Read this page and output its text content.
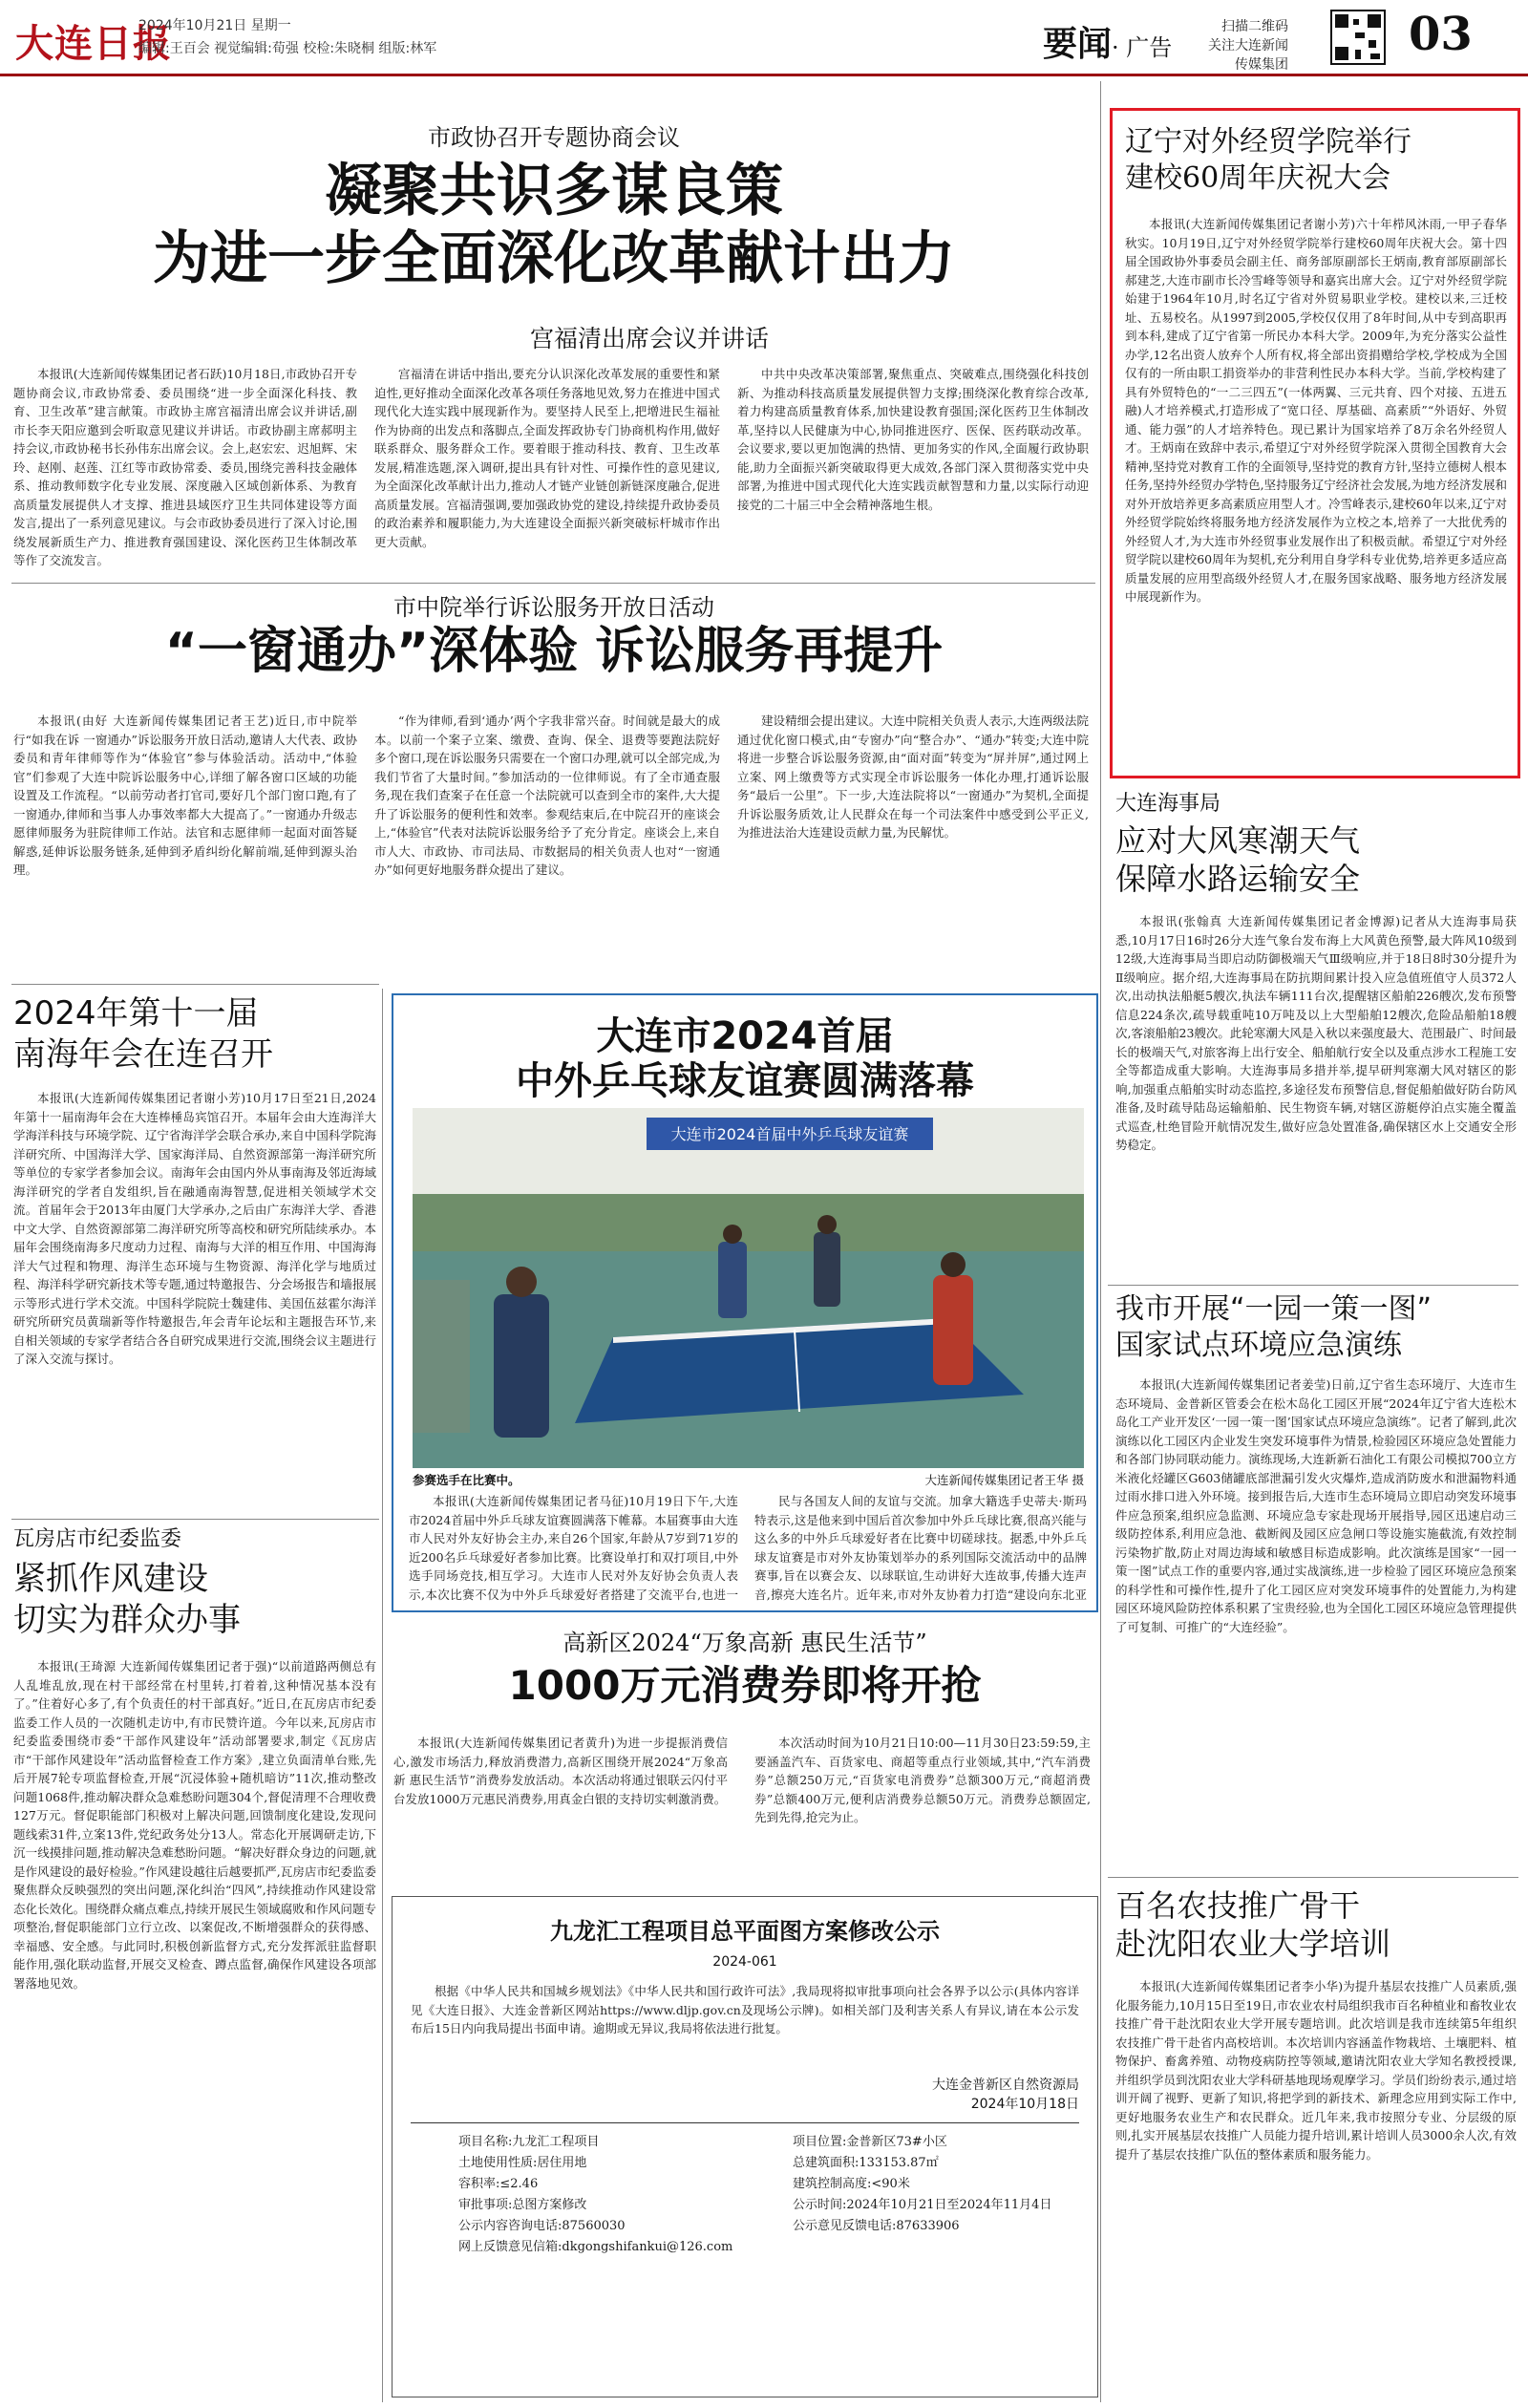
大连日报
2024年10月21日 星期一
编辑:王百会 视觉编辑:荀强 校检:朱晓桐 组版:林军	要闻· 广告
扫描二维码
关注大连新闻
传媒集团
03
市政协召开专题协商会议
凝聚共识多谋良策
为进一步全面深化改革献计出力
宫福清出席会议并讲话

本报讯(大连新闻传媒集团记者石跃)10月18日,市政协召开专题协商会议,市政协常委、委员围绕“进一步全面深化科技、教育、卫生改革”建言献策。市政协主席宫福清出席会议并讲话,副市长李天阳应邀到会听取意见建议并讲话。市政协副主席郝明主持会议,市政协秘书长孙伟东出席会议。会上,赵宏宏、迟旭辉、宋玲、赵刚、赵莲、江红等市政协常委、委员,围绕完善科技金融体系、推动教师数字化专业发展、深度融入区域创新体系、为教育高质量发展提供人才支撑、推进县域医疗卫生共同体建设等方面发言,提出了一系列意见建议。与会市政协委员进行了深入讨论,围绕发展新质生产力、推进教育强国建设、深化医药卫生体制改革等作了交流发言。

宫福清在讲话中指出,要充分认识深化改革发展的重要性和紧迫性,更好推动全面深化改革各项任务落地见效,努力在推进中国式现代化大连实践中展现新作为。要坚持人民至上,把增进民生福祉作为协商的出发点和落脚点,全面发挥政协专门协商机构作用,做好联系群众、服务群众工作。要着眼于推动科技、教育、卫生改革发展,精准选题,深入调研,提出具有针对性、可操作性的意见建议,为全面深化改革献计出力,推动人才链产业链创新链深度融合,促进高质量发展。宫福清强调,要加强政协党的建设,持续提升政协委员的政治素养和履职能力,为大连建设全面振兴新突破标杆城市作出更大贡献。

中共中央改革决策部署,聚焦重点、突破难点,围绕强化科技创新、为推动科技高质量发展提供智力支撑;围绕深化教育综合改革,着力构建高质量教育体系,加快建设教育强国;深化医药卫生体制改革,坚持以人民健康为中心,协同推进医疗、医保、医药联动改革。会议要求,要以更加饱满的热情、更加务实的作风,全面履行政协职能,助力全面振兴新突破取得更大成效,各部门深入贯彻落实党中央部署,为推进中国式现代化大连实践贡献智慧和力量,以实际行动迎接党的二十届三中全会精神落地生根。

市中院举行诉讼服务开放日活动
“一窗通办”深体验 诉讼服务再提升

本报讯(由好 大连新闻传媒集团记者王艺)近日,市中院举行“如我在诉 一窗通办”诉讼服务开放日活动,邀请人大代表、政协委员和青年律师等作为“体验官”参与体验活动。活动中,“体验官”们参观了大连中院诉讼服务中心,详细了解各窗口区域的功能设置及工作流程。“以前劳动者打官司,要好几个部门窗口跑,有了一窗通办,律师和当事人办事效率都大大提高了。”一窗通办升级志愿律师服务为驻院律师工作站。法官和志愿律师一起面对面答疑解惑,延伸诉讼服务链条,延伸到矛盾纠纷化解前端,延伸到源头治理。

“作为律师,看到‘通办’两个字我非常兴奋。时间就是最大的成本。以前一个案子立案、缴费、查询、保全、退费等要跑法院好多个窗口,现在诉讼服务只需要在一个窗口办理,就可以全部完成,为我们节省了大量时间。”参加活动的一位律师说。有了全市通查服务,现在我们查案子在任意一个法院就可以查到全市的案件,大大提升了诉讼服务的便利性和效率。参观结束后,在中院召开的座谈会上,“体验官”代表对法院诉讼服务给予了充分肯定。座谈会上,来自市人大、市政协、市司法局、市数据局的相关负责人也对“一窗通办”如何更好地服务群众提出了建议。

建设精细会提出建议。大连中院相关负责人表示,大连两级法院通过优化窗口模式,由“专窗办”向“整合办”、“通办”转变;大连中院将进一步整合诉讼服务资源,由“面对面”转变为“屏并屏”,通过网上立案、网上缴费等方式实现全市诉讼服务一体化办理,打通诉讼服务“最后一公里”。下一步,大连法院将以“一窗通办”为契机,全面提升诉讼服务质效,让人民群众在每一个司法案件中感受到公平正义,为推进法治大连建设贡献力量,为民解忧。

2024年第十一届
南海年会在连召开

本报讯(大连新闻传媒集团记者谢小芳)10月17日至21日,2024年第十一届南海年会在大连棒棰岛宾馆召开。本届年会由大连海洋大学海洋科技与环境学院、辽宁省海洋学会联合承办,来自中国科学院海洋研究所、中国海洋大学、国家海洋局、自然资源部第一海洋研究所等单位的专家学者参加会议。南海年会由国内外从事南海及邻近海域海洋研究的学者自发组织,旨在融通南海智慧,促进相关领域学术交流。首届年会于2013年由厦门大学承办,之后由广东海洋大学、香港中文大学、自然资源部第二海洋研究所等高校和研究所陆续承办。本届年会围绕南海多尺度动力过程、南海与大洋的相互作用、中国海海洋大气过程和物理、海洋生态环境与生物资源、海洋化学与地质过程、海洋科学研究新技术等专题,通过特邀报告、分会场报告和墙报展示等形式进行学术交流。中国科学院院士魏建伟、美国伍兹霍尔海洋研究所研究员黄瑞新等作特邀报告,年会青年论坛和主题报告环节,来自相关领域的专家学者结合各自研究成果进行交流,围绕会议主题进行了深入交流与探讨。

瓦房店市纪委监委
紧抓作风建设
切实为群众办事

本报讯(王琦源 大连新闻传媒集团记者于强)“以前道路两侧总有人乱堆乱放,现在村干部经常在村里转,打着着,这种情况基本没有了。”住着好心多了,有个负责任的村干部真好。”近日,在瓦房店市纪委监委工作人员的一次随机走访中,有市民赞许道。今年以来,瓦房店市纪委监委围绕市委“干部作风建设年”活动部署要求,制定《瓦房店市“干部作风建设年”活动监督检查工作方案》,建立负面清单台账,先后开展7轮专项监督检查,开展“沉浸体验+随机暗访”11次,推动整改问题1068件,推动解决群众急难愁盼问题304个,督促清理不合理收费127万元。督促职能部门积极对上解决问题,回馈制度化建设,发现问题线索31件,立案13件,党纪政务处分13人。常态化开展调研走访,下沉一线摸排问题,推动解决急难愁盼问题。“解决好群众身边的问题,就是作风建设的最好检验。”作风建设越往后越要抓严,瓦房店市纪委监委聚焦群众反映强烈的突出问题,深化纠治“四风”,持续推动作风建设常态化长效化。围绕群众痛点难点,持续开展民生领域腐败和作风问题专项整治,督促职能部门立行立改、以案促改,不断增强群众的获得感、幸福感、安全感。与此同时,积极创新监督方式,充分发挥派驻监督职能作用,强化联动监督,开展交叉检查、蹲点监督,确保作风建设各项部署落地见效。

大连市2024首届
中外乒乓球友谊赛圆满落幕
大连市2024首届中外乒乓球友谊赛
参赛选手在比赛中。	大连新闻传媒集团记者王华 摄

本报讯(大连新闻传媒集团记者马征)10月19日下午,大连市2024首届中外乒乓球友谊赛圆满落下帷幕。本届赛事由大连市人民对外友好协会主办,来自26个国家,年龄从7岁到71岁的近200名乒乓球爱好者参加比赛。比赛设单打和双打项目,中外选手同场竞技,相互学习。大连市人民对外友好协会负责人表示,本次比赛不仅为中外乒乓球爱好者搭建了交流平台,也进一

民与各国友人间的友谊与交流。加拿大籍选手史蒂夫·斯玛特表示,这是他来到中国后首次参加中外乒乓球比赛,很高兴能与这么多的中外乒乓球爱好者在比赛中切磋球技。据悉,中外乒乓球友谊赛是市对外友协策划举办的系列国际交流活动中的品牌赛事,旨在以赛会友、以球联谊,生动讲好大连故事,传播大连声音,擦亮大连名片。近年来,市对外友协着力打造“建设向东北亚

高新区2024“万象高新 惠民生活节”
1000万元消费券即将开抢

本报讯(大连新闻传媒集团记者黄升)为进一步提振消费信心,激发市场活力,释放消费潜力,高新区围绕开展2024“万象高新 惠民生活节”消费券发放活动。本次活动将通过银联云闪付平台发放1000万元惠民消费券,用真金白银的支持切实刺激消费。

本次活动时间为10月21日10:00—11月30日23:59:59,主要涵盖汽车、百货家电、商超等重点行业领域,其中,“汽车消费券”总额250万元,“百货家电消费券”总额300万元,“商超消费券”总额400万元,便利店消费券总额50万元。消费券总额固定,先到先得,抢完为止。

九龙汇工程项目总平面图方案修改公示
2024-061

根据《中华人民共和国城乡规划法》《中华人民共和国行政许可法》,我局现将拟审批事项向社会各界予以公示(具体内容详见《大连日报》、大连金普新区网站https://www.dljp.gov.cn及现场公示牌)。如相关部门及利害关系人有异议,请在本公示发布后15日内向我局提出书面申请。逾期或无异议,我局将依法进行批复。

大连金普新区自然资源局
2024年10月18日
项目名称:九龙汇工程项目
土地使用性质:居住用地
容积率:≤2.46
审批事项:总图方案修改
公示内容咨询电话:87560030
网上反馈意见信箱:dkgongshifankui@126.com
项目位置:金普新区73#小区
总建筑面积:133153.87㎡
建筑控制高度:<90米
公示时间:2024年10月21日至2024年11月4日
公示意见反馈电话:87633906
辽宁对外经贸学院举行
建校60周年庆祝大会

本报讯(大连新闻传媒集团记者谢小芳)六十年栉风沐雨,一甲子春华秋实。10月19日,辽宁对外经贸学院举行建校60周年庆祝大会。第十四届全国政协外事委员会副主任、商务部原副部长王炳南,教育部原副部长郝建芝,大连市副市长冷雪峰等领导和嘉宾出席大会。辽宁对外经贸学院始建于1964年10月,时名辽宁省对外贸易职业学校。建校以来,三迁校址、五易校名。从1997到2005,学校仅仅用了8年时间,从中专到高职再到本科,建成了辽宁省第一所民办本科大学。2009年,为充分落实公益性办学,12名出资人放弃个人所有权,将全部出资捐赠给学校,学校成为全国仅有的一所由职工捐资举办的非营利性民办本科大学。当前,学校构建了具有外贸特色的“一二三四五”(一体两翼、三元共育、四个对接、五进五融)人才培养模式,打造形成了“宽口径、厚基础、高素质”“外语好、外贸通、能力强”的人才培养特色。现已累计为国家培养了8万余名外经贸人才。王炳南在致辞中表示,希望辽宁对外经贸学院深入贯彻全国教育大会精神,坚持党对教育工作的全面领导,坚持党的教育方针,坚持立德树人根本任务,坚持外经贸办学特色,坚持服务辽宁经济社会发展,为地方经济发展和对外开放培养更多高素质应用型人才。冷雪峰表示,建校60年以来,辽宁对外经贸学院始终将服务地方经济发展作为立校之本,培养了一大批优秀的外经贸人才,为大连市外经贸事业发展作出了积极贡献。希望辽宁对外经贸学院以建校60周年为契机,充分利用自身学科专业优势,培养更多适应高质量发展的应用型高级外经贸人才,在服务国家战略、服务地方经济发展中展现新作为。

大连海事局
应对大风寒潮天气
保障水路运输安全

本报讯(张翰真 大连新闻传媒集团记者金博源)记者从大连海事局获悉,10月17日16时26分大连气象台发布海上大风黄色预警,最大阵风10级到12级,大连海事局当即启动防御极端天气Ⅲ级响应,并于18日8时30分提升为Ⅱ级响应。据介绍,大连海事局在防抗期间累计投入应急值班值守人员372人次,出动执法船艇5艘次,执法车辆111台次,提醒辖区船舶226艘次,发布预警信息224条次,疏导载重吨10万吨及以上大型船舶12艘次,危险品船舶18艘次,客滚船舶23艘次。此轮寒潮大风是入秋以来强度最大、范围最广、时间最长的极端天气,对旅客海上出行安全、船舶航行安全以及重点涉水工程施工安全等都造成重大影响。大连海事局多措并举,提早研判寒潮大风对辖区的影响,加强重点船舶实时动态监控,多途径发布预警信息,督促船舶做好防台防风准备,及时疏导陆岛运输船舶、民生物资车辆,对辖区游艇停泊点实施全覆盖式巡查,杜绝冒险开航情况发生,做好应急处置准备,确保辖区水上交通安全形势稳定。

我市开展“一园一策一图”
国家试点环境应急演练

本报讯(大连新闻传媒集团记者姜莹)日前,辽宁省生态环境厅、大连市生态环境局、金普新区管委会在松木岛化工园区开展“2024年辽宁省大连松木岛化工产业开发区‘一园一策一图’国家试点环境应急演练”。记者了解到,此次演练以化工园区内企业发生突发环境事件为情景,检验园区环境应急处置能力和各部门协同联动能力。演练现场,大连新新石油化工有限公司模拟700立方米液化烃罐区G603储罐底部泄漏引发火灾爆炸,造成消防废水和泄漏物料通过雨水排口进入外环境。接到报告后,大连市生态环境局立即启动突发环境事件应急预案,组织应急监测、环境应急专家赴现场开展指导,园区迅速启动三级防控体系,利用应急池、截断阀及园区应急闸口等设施实施截流,有效控制污染物扩散,防止对周边海域和敏感目标造成影响。此次演练是国家“一园一策一图”试点工作的重要内容,通过实战演练,进一步检验了园区环境应急预案的科学性和可操作性,提升了化工园区应对突发环境事件的处置能力,为构建园区环境风险防控体系积累了宝贵经验,也为全国化工园区环境应急管理提供了可复制、可推广的“大连经验”。

百名农技推广骨干
赴沈阳农业大学培训

本报讯(大连新闻传媒集团记者李小华)为提升基层农技推广人员素质,强化服务能力,10月15日至19日,市农业农村局组织我市百名种植业和畜牧业农技推广骨干赴沈阳农业大学开展专题培训。此次培训是我市连续第5年组织农技推广骨干赴省内高校培训。本次培训内容涵盖作物栽培、土壤肥料、植物保护、畜禽养殖、动物疫病防控等领域,邀请沈阳农业大学知名教授授课,并组织学员到沈阳农业大学科研基地现场观摩学习。学员们纷纷表示,通过培训开阔了视野、更新了知识,将把学到的新技术、新理念应用到实际工作中,更好地服务农业生产和农民群众。近几年来,我市按照分专业、分层级的原则,扎实开展基层农技推广人员能力提升培训,累计培训人员3000余人次,有效提升了基层农技推广队伍的整体素质和服务能力。
